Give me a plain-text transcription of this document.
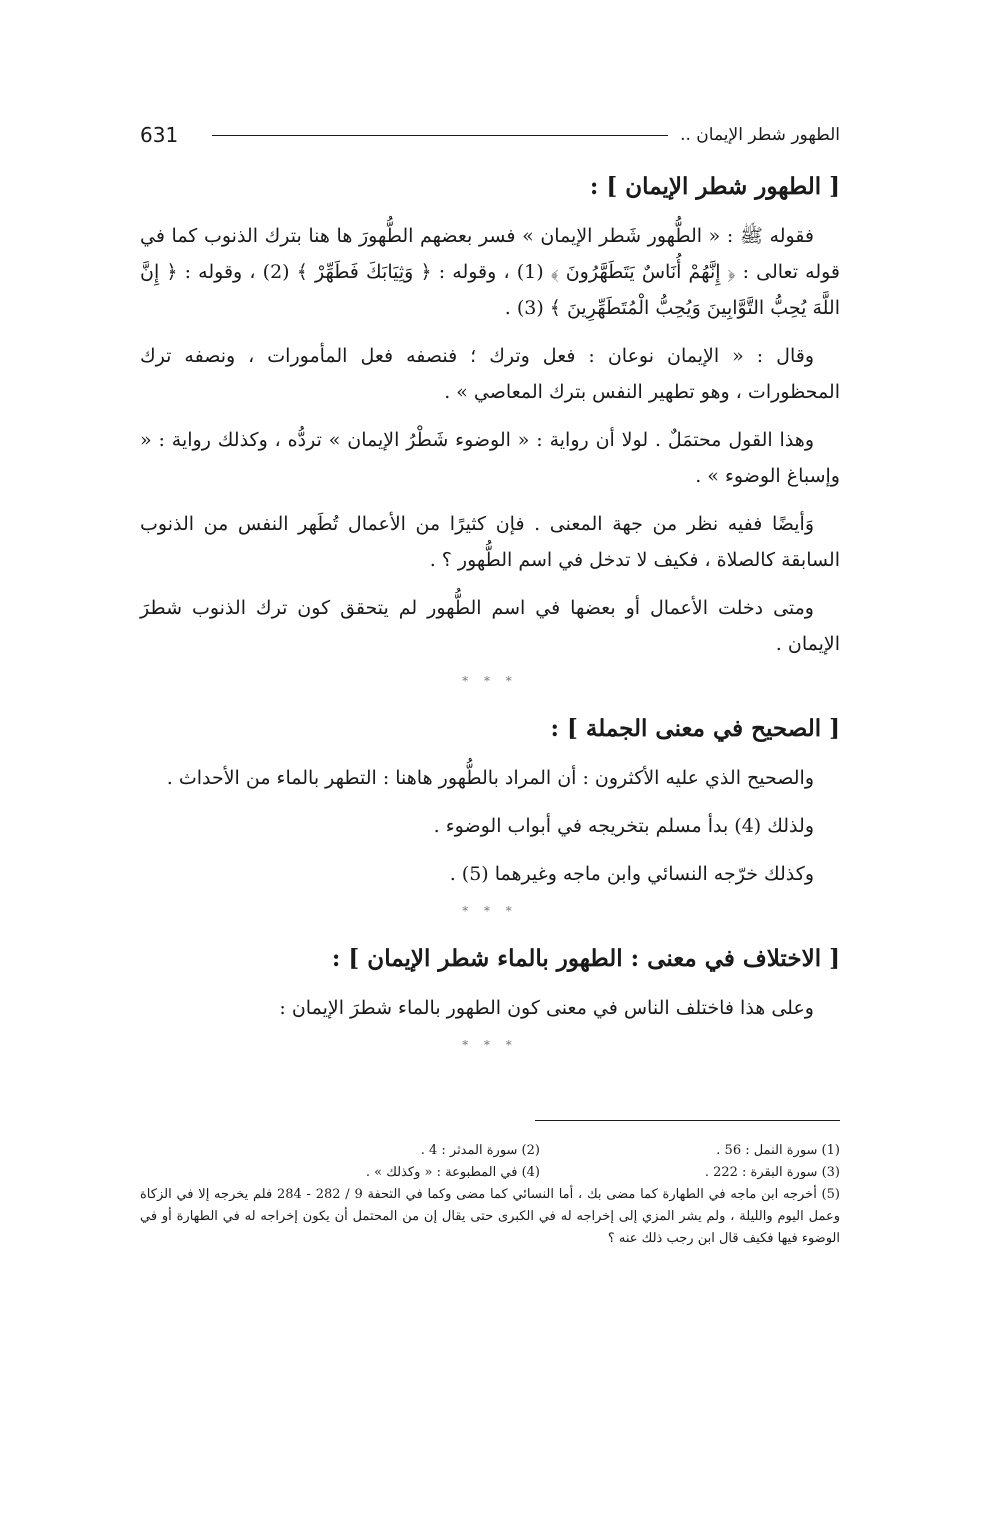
631	الطهور شطر الإيمان ..
[ الطهور شطر الإيمان ] :

فقوله ﷺ : « الطُّهور شَطر الإيمان » فسر بعضهم الطُّهورَ ها هنا بترك الذنوب كما في قوله تعالى : ﴿ إِنَّهُمْ أُنَاسٌ يَتَطَهَّرُونَ ﴾ (1) ، وقوله : ﴿ وَثِيَابَكَ فَطَهِّرْ ﴾ (2) ، وقوله : ﴿ إِنَّ اللَّهَ يُحِبُّ التَّوَّابِينَ وَيُحِبُّ الْمُتَطَهِّرِينَ ﴾ (3) .

وقال : « الإيمان نوعان : فعل وترك ؛ فنصفه فعل المأمورات ، ونصفه ترك المحظورات ، وهو تطهير النفس بترك المعاصي » .

وهذا القول محتمَلٌ . لولا أن رواية : « الوضوء شَطْرُ الإيمان » تردُّه ، وكذلك رواية : « وإسباغ الوضوء » .

وَأيضًا ففيه نظر من جهة المعنى . فإن كثيرًا من الأعمال تُطَهر النفس من الذنوب السابقة كالصلاة ، فكيف لا تدخل في اسم الطُّهور ؟ .

ومتى دخلت الأعمال أو بعضها في اسم الطُّهور لم يتحقق كون ترك الذنوب شطرَ الإيمان .

* * *
[ الصحيح في معنى الجملة ] :

والصحيح الذي عليه الأكثرون : أن المراد بالطُّهور هاهنا : التطهر بالماء من الأحداث .

ولذلك (4) بدأ مسلم بتخريجه في أبواب الوضوء .

وكذلك خرّجه النسائي وابن ماجه وغيرهما (5) .

* * *
[ الاختلاف في معنى : الطهور بالماء شطر الإيمان ] :

وعلى هذا فاختلف الناس في معنى كون الطهور بالماء شطرَ الإيمان :

* * *
(1) سورة النمل : 56 .
(2) سورة المدثر : 4 .
(3) سورة البقرة : 222 .
(4) في المطبوعة : « وكذلك » .
(5) أخرجه ابن ماجه في الطهارة كما مضى بك ، أما النسائي كما مضى وكما في التحفة 9 / 282 - 284 فلم يخرجه إلا في الزكاة وعمل اليوم والليلة ، ولم يشر المزي إلى إخراجه له في الكبرى حتى يقال إن من المحتمل أن يكون إخراجه له في الطهارة أو في الوضوء فيها فكيف قال ابن رجب ذلك عنه ؟
